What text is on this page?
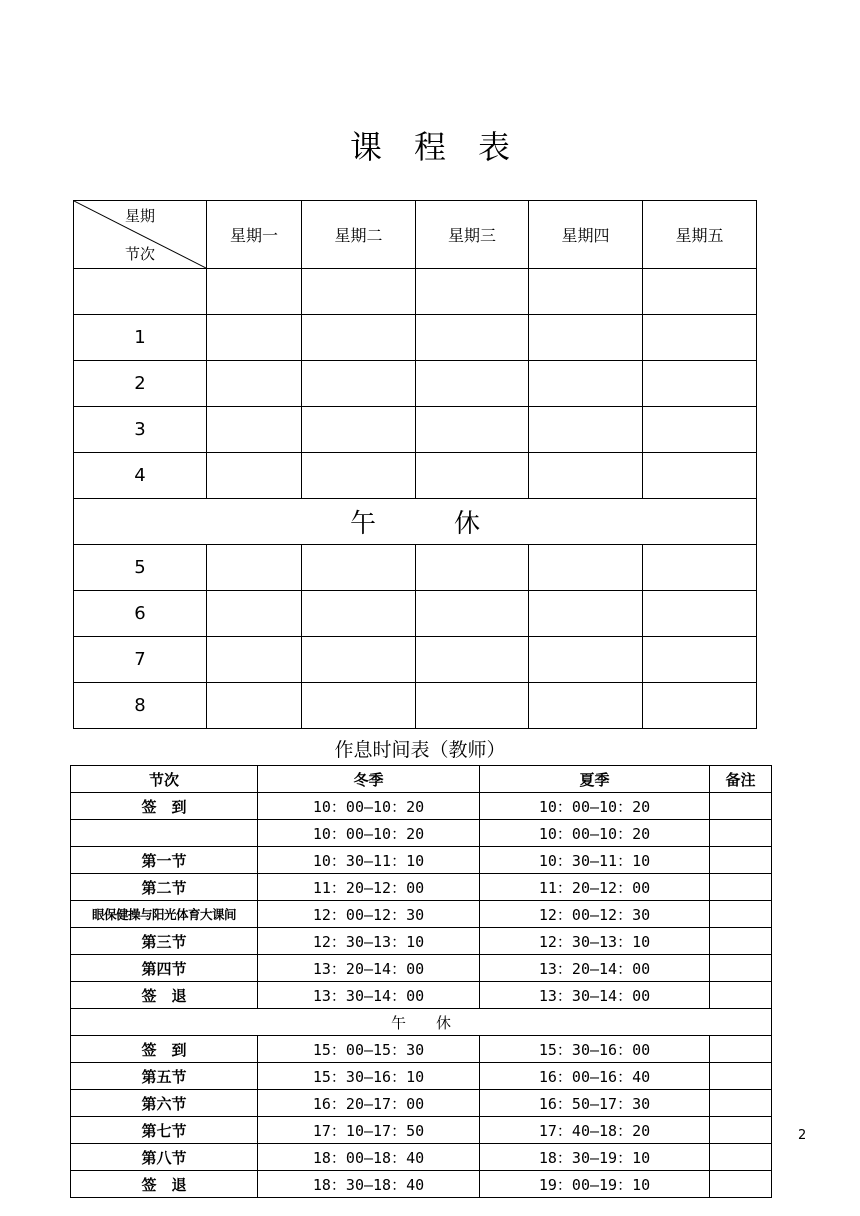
课　程　表
星期
节次	星期一	星期二	星期三	星期四	星期五

1					
2					
3					
4					
午　　　休					
5					
6					
7					
8					
作息时间表（教师）
节次	冬季	夏季	备注
签　到	10：00—10：20	10：00—10：20	
	10：00—10：20	10：00—10：20	
第一节	10：30—11：10	10：30—11：10	
第二节	11：20—12：00	11：20—12：00	
眼保健操与阳光体育大课间	12：00—12：30	12：00—12：30	
第三节	12：30—13：10	12：30—13：10	
第四节	13：20—14：00	13：20—14：00	
签　退	13：30—14：00	13：30—14：00	
午　　休			
签　到	15：00—15：30	15：30—16：00	
第五节	15：30—16：10	16：00—16：40	
第六节	16：20—17：00	16：50—17：30	
第七节	17：10—17：50	17：40—18：20	
第八节	18：00—18：40	18：30—19：10	
签　退	18：30—18：40	19：00—19：10	
2
